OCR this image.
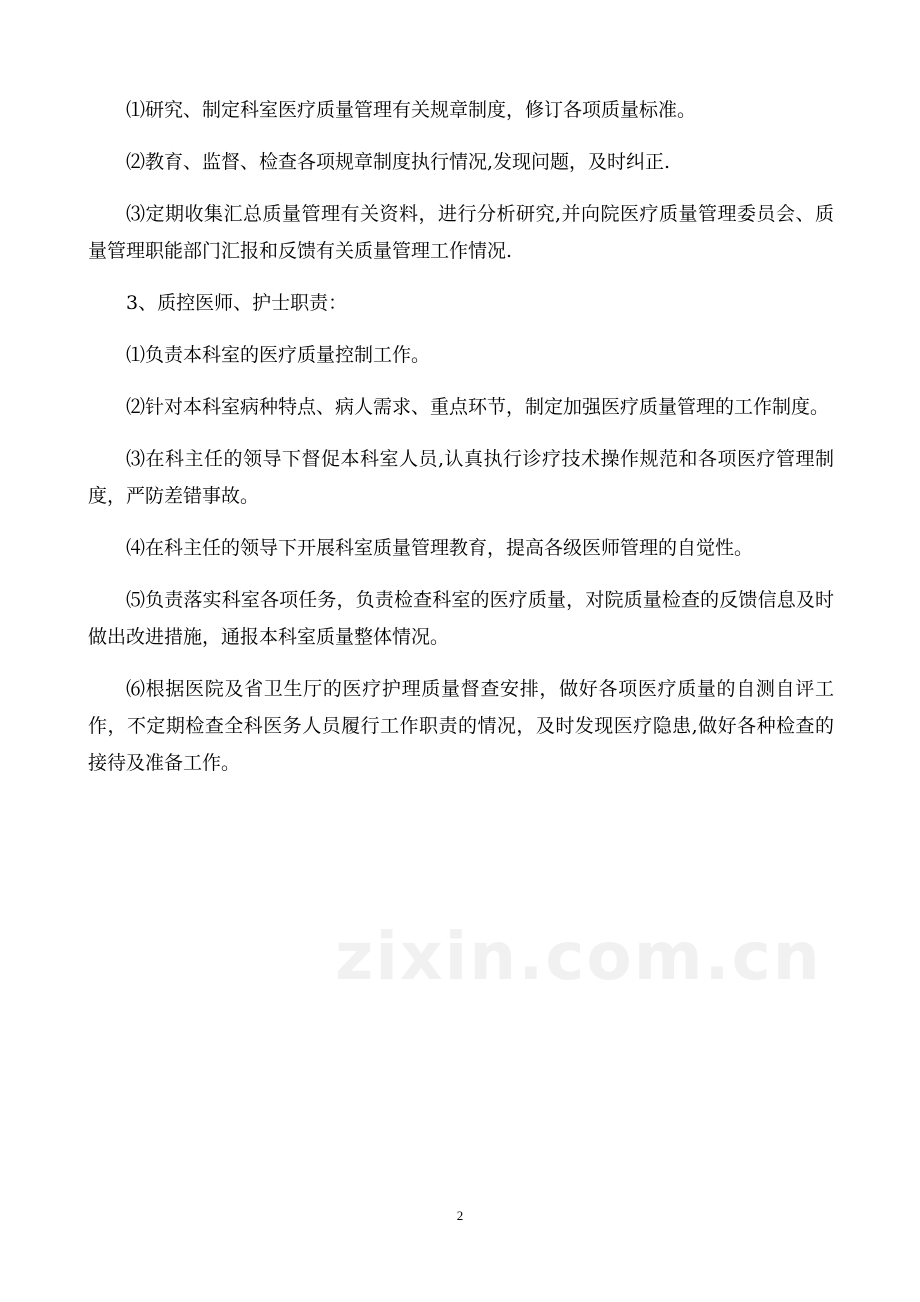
zixin.com.cn

⑴研究、制定科室医疗质量管理有关规章制度，修订各项质量标准。

⑵教育、监督、检查各项规章制度执行情况,发现问题，及时纠正.

⑶定期收集汇总质量管理有关资料，进行分析研究,并向院医疗质量管理委员会、质量管理职能部门汇报和反馈有关质量管理工作情况.

3、质控医师、护士职责：

⑴负责本科室的医疗质量控制工作。

⑵针对本科室病种特点、病人需求、重点环节，制定加强医疗质量管理的工作制度。

⑶在科主任的领导下督促本科室人员,认真执行诊疗技术操作规范和各项医疗管理制度，严防差错事故。

⑷在科主任的领导下开展科室质量管理教育，提高各级医师管理的自觉性。

⑸负责落实科室各项任务，负责检查科室的医疗质量，对院质量检查的反馈信息及时做出改进措施，通报本科室质量整体情况。

⑹根据医院及省卫生厅的医疗护理质量督查安排，做好各项医疗质量的自测自评工作，不定期检查全科医务人员履行工作职责的情况，及时发现医疗隐患,做好各种检查的接待及准备工作。

2
